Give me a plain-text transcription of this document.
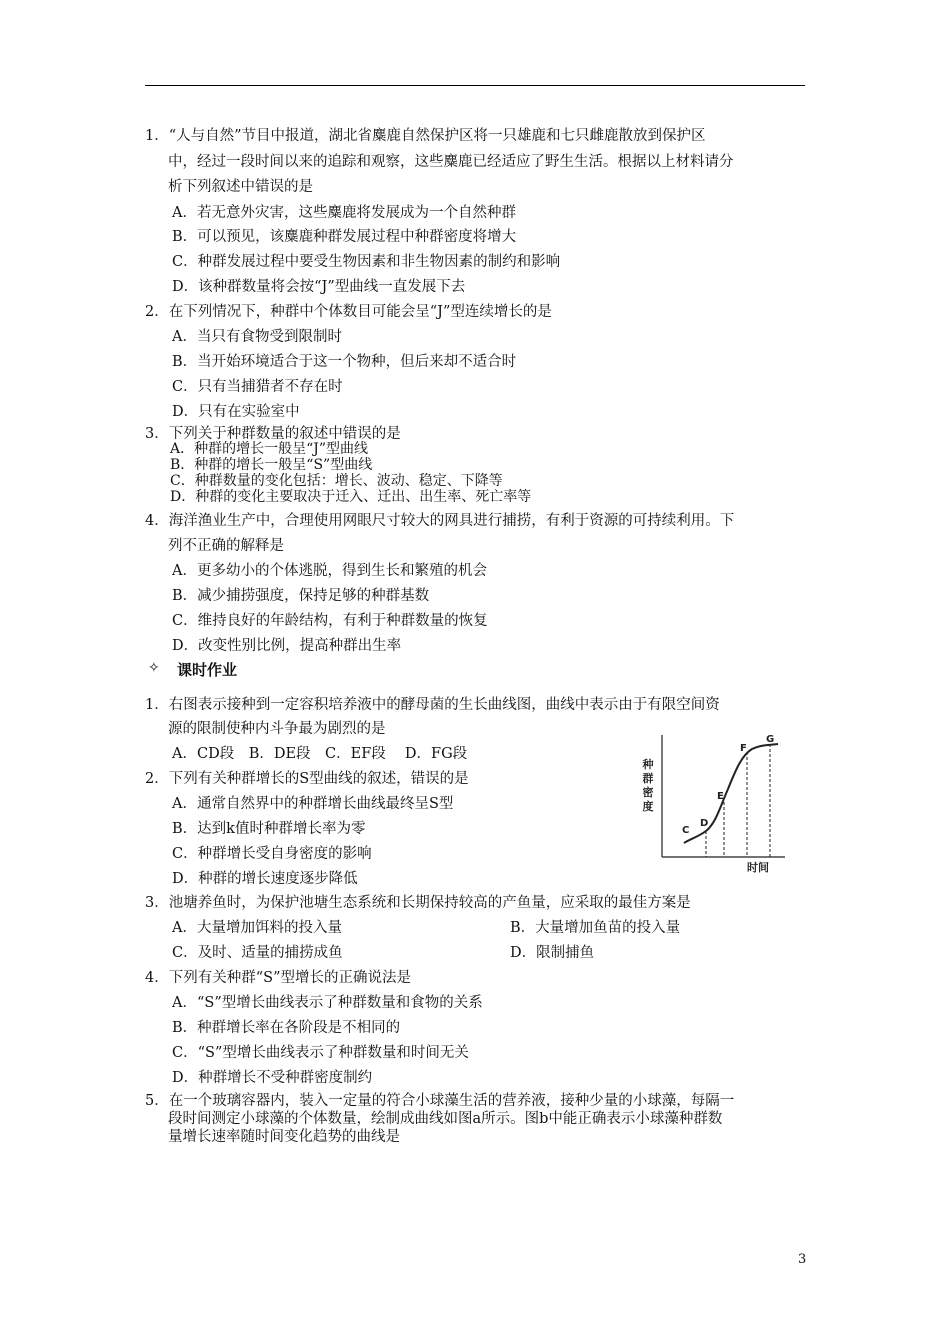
1．“人与自然”节目中报道，湖北省麋鹿自然保护区将一只雄鹿和七只雌鹿散放到保护区
中，经过一段时间以来的追踪和观察，这些麋鹿已经适应了野生生活。根据以上材料请分
析下列叙述中错误的是
A．若无意外灾害，这些麋鹿将发展成为一个自然种群
B．可以预见，该麋鹿种群发展过程中种群密度将增大
C．种群发展过程中要受生物因素和非生物因素的制约和影响
D．该种群数量将会按“J”型曲线一直发展下去
2．在下列情况下，种群中个体数目可能会呈“J”型连续增长的是
A．当只有食物受到限制时
B．当开始环境适合于这一个物种，但后来却不适合时
C．只有当捕猎者不存在时
D．只有在实验室中
3．下列关于种群数量的叙述中错误的是
A．种群的增长一般呈“J”型曲线
B．种群的增长一般呈“S”型曲线
C．种群数量的变化包括：增长、波动、稳定、下降等
D．种群的变化主要取决于迁入、迁出、出生率、死亡率等
4．海洋渔业生产中，合理使用网眼尺寸较大的网具进行捕捞，有利于资源的可持续利用。下
列不正确的解释是
A．更多幼小的个体逃脱，得到生长和繁殖的机会
B．减少捕捞强度，保持足够的种群基数
C．维持良好的年龄结构，有利于种群数量的恢复
D．改变性别比例，提高种群出生率
✧ 课时作业
1．右图表示接种到一定容积培养液中的酵母菌的生长曲线图，曲线中表示由于有限空间资
源的限制使种内斗争最为剧烈的是
A．CD段　B．DE段　C．EF段　 D．FG段
2．下列有关种群增长的S型曲线的叙述，错误的是
A．通常自然界中的种群增长曲线最终呈S型
B．达到k值时种群增长率为零
C．种群增长受自身密度的影响
D．种群的增长速度逐步降低
3．池塘养鱼时，为保护池塘生态系统和长期保持较高的产鱼量，应采取的最佳方案是
A．大量增加饵料的投入量	B．大量增加鱼苗的投入量
C．及时、适量的捕捞成鱼	D．限制捕鱼
4．下列有关种群“S”型增长的正确说法是
A．“S”型增长曲线表示了种群数量和食物的关系
B．种群增长率在各阶段是不相同的
C．“S”型增长曲线表示了种群数量和时间无关
D．种群增长不受种群密度制约
5．在一个玻璃容器内，装入一定量的符合小球藻生活的营养液，接种少量的小球藻，每隔一
段时间测定小球藻的个体数量，绘制成曲线如图a所示。图b中能正确表示小球藻种群数
量增长速率随时间变化趋势的曲线是
种
群
密
度
时间
C
D
E
F
G
3
